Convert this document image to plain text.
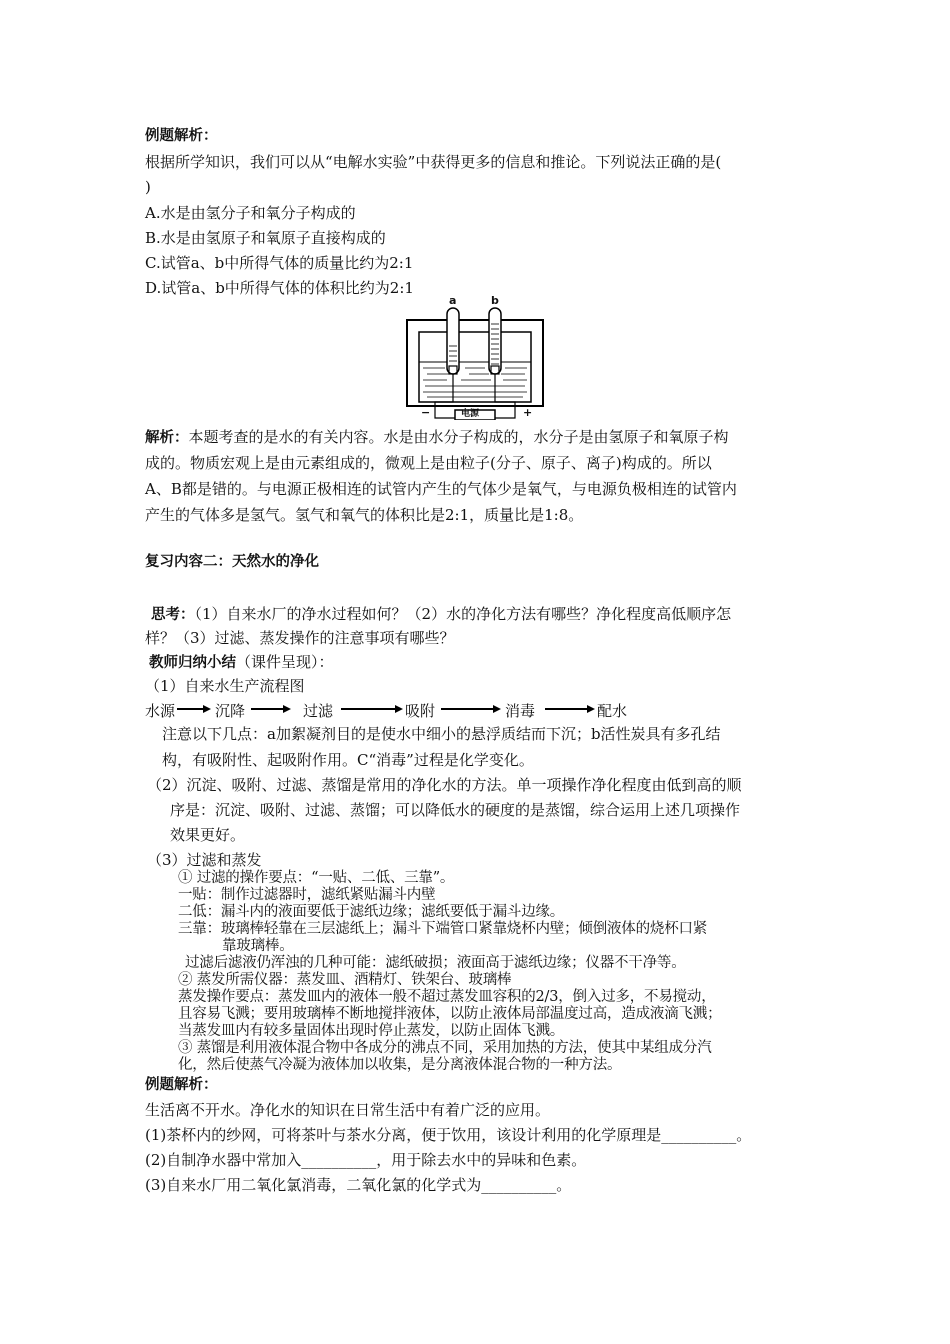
例题解析：
根据所学知识，我们可以从“电解水实验”中获得更多的信息和推论。下列说法正确的是(
)
A.水是由氢分子和氧分子构成的
B.水是由氢原子和氧原子直接构成的
C.试管a、b中所得气体的质量比约为2:1
D.试管a、b中所得气体的体积比约为2:1
a	b
电源
−	+
解析：本题考查的是水的有关内容。水是由水分子构成的，水分子是由氢原子和氧原子构
成的。物质宏观上是由元素组成的，微观上是由粒子(分子、原子、离子)构成的。所以
A、B都是错的。与电源正极相连的试管内产生的气体少是氧气，与电源负极相连的试管内
产生的气体多是氢气。氢气和氧气的体积比是2:1，质量比是1:8。
复习内容二：天然水的净化
思考：（1）自来水厂的净水过程如何？（2）水的净化方法有哪些？净化程度高低顺序怎
样？（3）过滤、蒸发操作的注意事项有哪些？
教师归纳小结（课件呈现）：
（1）自来水生产流程图
水源	沉降	过滤	吸附	消毒	配水
注意以下几点：a加絮凝剂目的是使水中细小的悬浮质结而下沉；b活性炭具有多孔结
构，有吸附性、起吸附作用。C“消毒”过程是化学变化。
（2）沉淀、吸附、过滤、蒸馏是常用的净化水的方法。单一项操作净化程度由低到高的顺
序是：沉淀、吸附、过滤、蒸馏；可以降低水的硬度的是蒸馏，综合运用上述几项操作
效果更好。
（3）过滤和蒸发
① 过滤的操作要点：“一贴、二低、三靠”。
一贴：制作过滤器时，滤纸紧贴漏斗内壁
二低：漏斗内的液面要低于滤纸边缘；滤纸要低于漏斗边缘。
三靠：玻璃棒轻靠在三层滤纸上；漏斗下端管口紧靠烧杯内壁；倾倒液体的烧杯口紧
靠玻璃棒。
过滤后滤液仍浑浊的几种可能：滤纸破损；液面高于滤纸边缘；仪器不干净等。
② 蒸发所需仪器：蒸发皿、酒精灯、铁架台、玻璃棒
蒸发操作要点：蒸发皿内的液体一般不超过蒸发皿容积的2/3，倒入过多，不易搅动，
且容易飞溅；要用玻璃棒不断地搅拌液体，以防止液体局部温度过高，造成液滴飞溅；
当蒸发皿内有较多量固体出现时停止蒸发，以防止固体飞溅。
③ 蒸馏是利用液体混合物中各成分的沸点不同，采用加热的方法，使其中某组成分汽
化，然后使蒸气冷凝为液体加以收集，是分离液体混合物的一种方法。
例题解析：
生活离不开水。净化水的知识在日常生活中有着广泛的应用。
(1)茶杯内的纱网，可将茶叶与茶水分离，便于饮用，该设计利用的化学原理是__________。
(2)自制净水器中常加入__________，用于除去水中的异味和色素。
(3)自来水厂用二氧化氯消毒，二氧化氯的化学式为__________。
